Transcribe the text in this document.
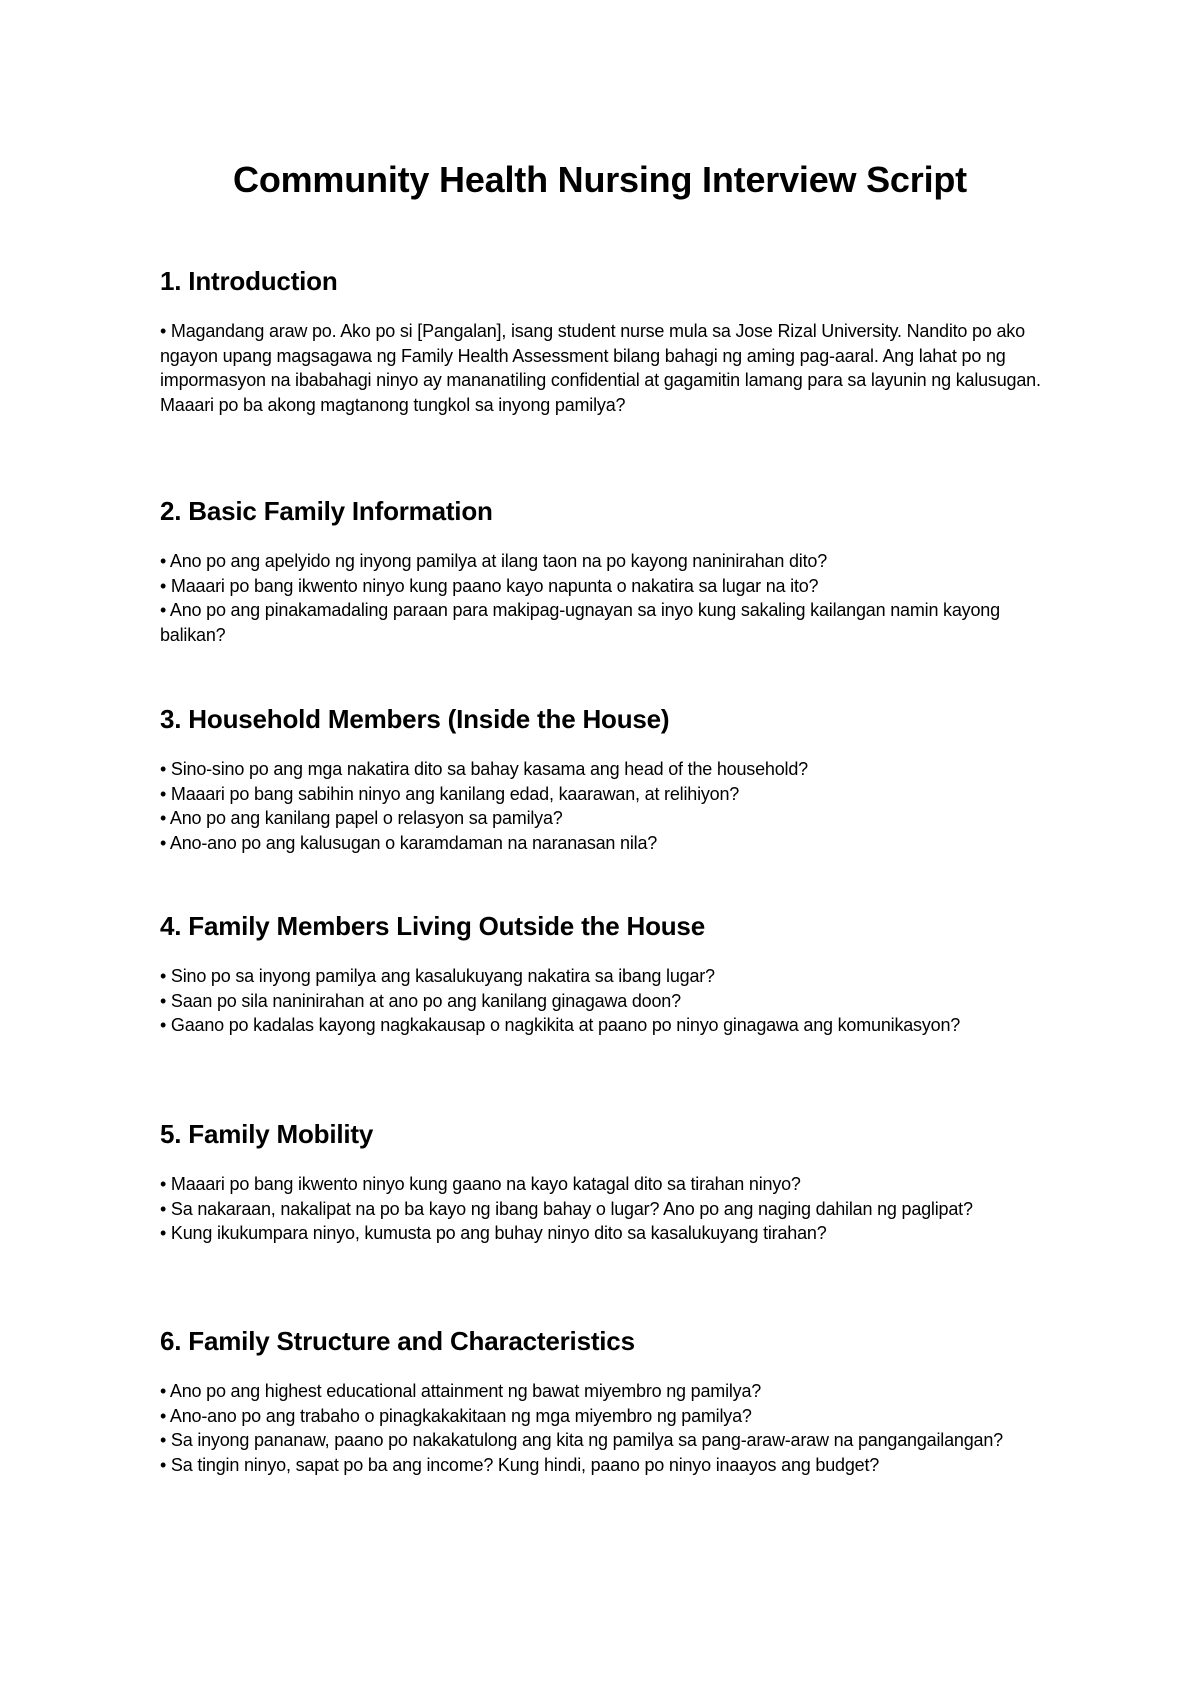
Community Health Nursing Interview Script
1. Introduction

• Magandang araw po. Ako po si [Pangalan], isang student nurse mula sa Jose Rizal University. Nandito po ako ngayon upang magsagawa ng Family Health Assessment bilang bahagi ng aming pag-aaral. Ang lahat po ng impormasyon na ibabahagi ninyo ay mananatiling confidential at gagamitin lamang para sa layunin ng kalusugan. Maaari po ba akong magtanong tungkol sa inyong pamilya?

2. Basic Family Information

• Ano po ang apelyido ng inyong pamilya at ilang taon na po kayong naninirahan dito?

• Maaari po bang ikwento ninyo kung paano kayo napunta o nakatira sa lugar na ito?

• Ano po ang pinakamadaling paraan para makipag-ugnayan sa inyo kung sakaling kailangan namin kayong balikan?

3. Household Members (Inside the House)

• Sino-sino po ang mga nakatira dito sa bahay kasama ang head of the household?

• Maaari po bang sabihin ninyo ang kanilang edad, kaarawan, at relihiyon?

• Ano po ang kanilang papel o relasyon sa pamilya?

• Ano-ano po ang kalusugan o karamdaman na naranasan nila?

4. Family Members Living Outside the House

• Sino po sa inyong pamilya ang kasalukuyang nakatira sa ibang lugar?

• Saan po sila naninirahan at ano po ang kanilang ginagawa doon?

• Gaano po kadalas kayong nagkakausap o nagkikita at paano po ninyo ginagawa ang komunikasyon?

5. Family Mobility

• Maaari po bang ikwento ninyo kung gaano na kayo katagal dito sa tirahan ninyo?

• Sa nakaraan, nakalipat na po ba kayo ng ibang bahay o lugar? Ano po ang naging dahilan ng paglipat?

• Kung ikukumpara ninyo, kumusta po ang buhay ninyo dito sa kasalukuyang tirahan?

6. Family Structure and Characteristics

• Ano po ang highest educational attainment ng bawat miyembro ng pamilya?

• Ano-ano po ang trabaho o pinagkakakitaan ng mga miyembro ng pamilya?

• Sa inyong pananaw, paano po nakakatulong ang kita ng pamilya sa pang-araw-araw na pangangailangan?

• Sa tingin ninyo, sapat po ba ang income? Kung hindi, paano po ninyo inaayos ang budget?
